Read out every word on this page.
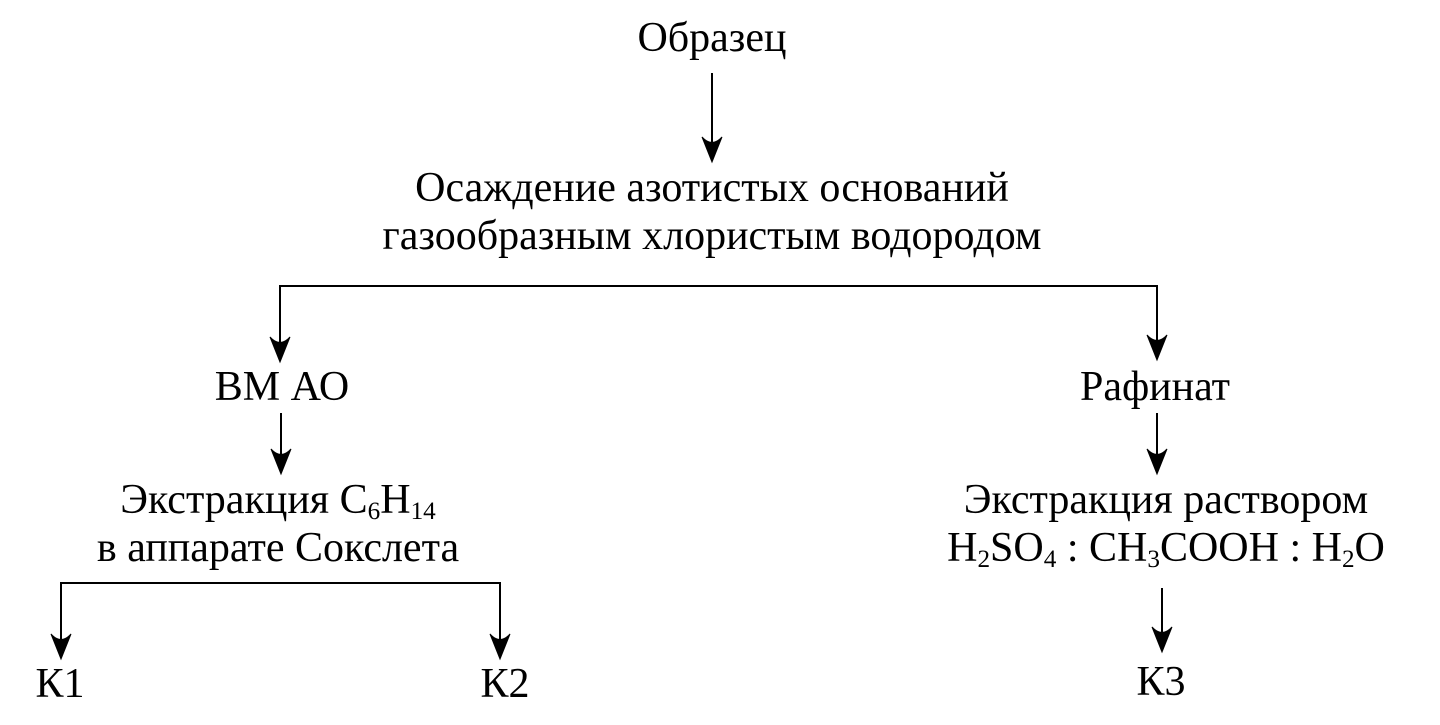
Образец
Осаждение азотистых оснований
газообразным хлористым водородом
ВМ АО	Рафинат
Экстракция $C_6H_{14}$
в аппарате Сокслета
Экстракция раствором
$H_2SO_4$ : $CH_3COOH$ : $H_2O$
К1	К2	К3
